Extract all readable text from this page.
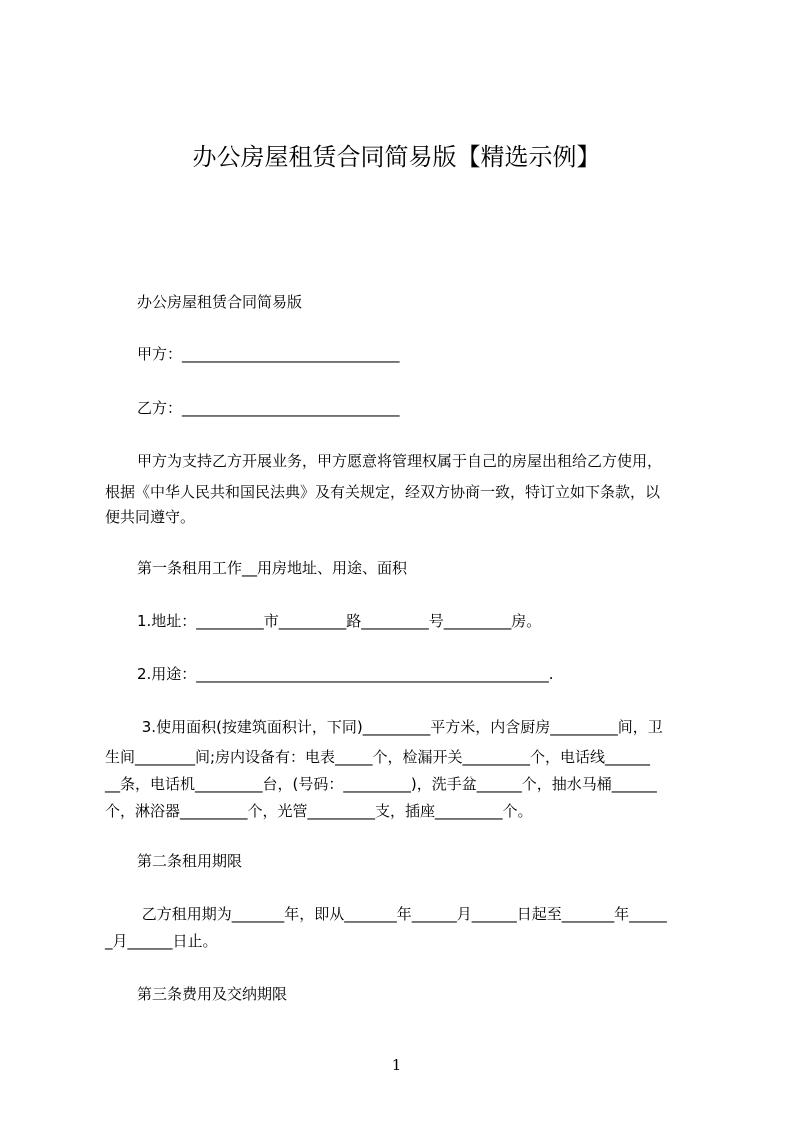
办公房屋租赁合同简易版【精选示例】
办公房屋租赁合同简易版
甲方：_____________________________
乙方：_____________________________
甲方为支持乙方开展业务，甲方愿意将管理权属于自己的房屋出租给乙方使用，
根据《中华人民共和国民法典》及有关规定，经双方协商一致，特订立如下条款，以
便共同遵守。
第一条租用工作__用房地址、用途、面积
1.地址：_________市_________路_________号_________房。
2.用途：_______________________________________________.
3.使用面积(按建筑面积计，下同)_________平方米，内含厨房_________间，卫
生间________间;房内设备有：电表_____个，检漏开关_________个，电话线______
__条，电话机_________台，(号码：_________)，洗手盆______个，抽水马桶______
个，淋浴器_________个，光管_________支，插座_________个。
第二条租用期限
乙方租用期为_______年，即从_______年______月______日起至_______年_____
_月______日止。
第三条费用及交纳期限
1
